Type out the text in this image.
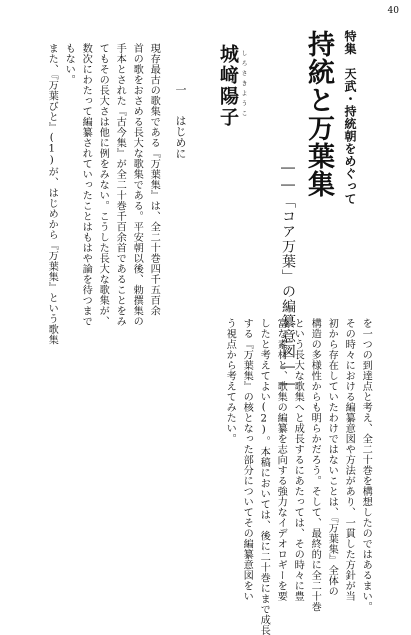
40
特集　天武・持統朝をめぐって
持統と万葉集
――「コア万葉」の編纂意図――
しろさきようこ
城﨑陽子
一はじめに
現存最古の歌集である『万葉集』は、全二十巻四千五百余
首の歌をおさめる長大な歌集である。平安朝以後、勅撰集の
手本とされた『古今集』が全二十巻千百余首であることをみ
てもその長大さは他に例をみない。こうした長大な歌集が、
数次にわたって編纂されていったことはもはや論を待つまで
もない。
また、『万葉びと』(1)が、はじめから『万葉集』という歌集
を一つの到達点と考え、全二十巻を構想したのではあるまい。
その時々における編纂意図や方法があり、一貫した方針が当
初から存在していたわけではないことは、『万葉集』全体の
構造の多様性からも明らかだろう。そして、最終的に全二十巻
という長大な歌集へと成長するにあたっては、その時々に豊
富な素材と、歌集の編纂を志向する強力なイデオロギーを要
したと考えてよい(2)。本稿においては、後に二十巻にまで成長
する『万葉集』の核となった部分についてその編纂意図をい
う視点から考えてみたい。
